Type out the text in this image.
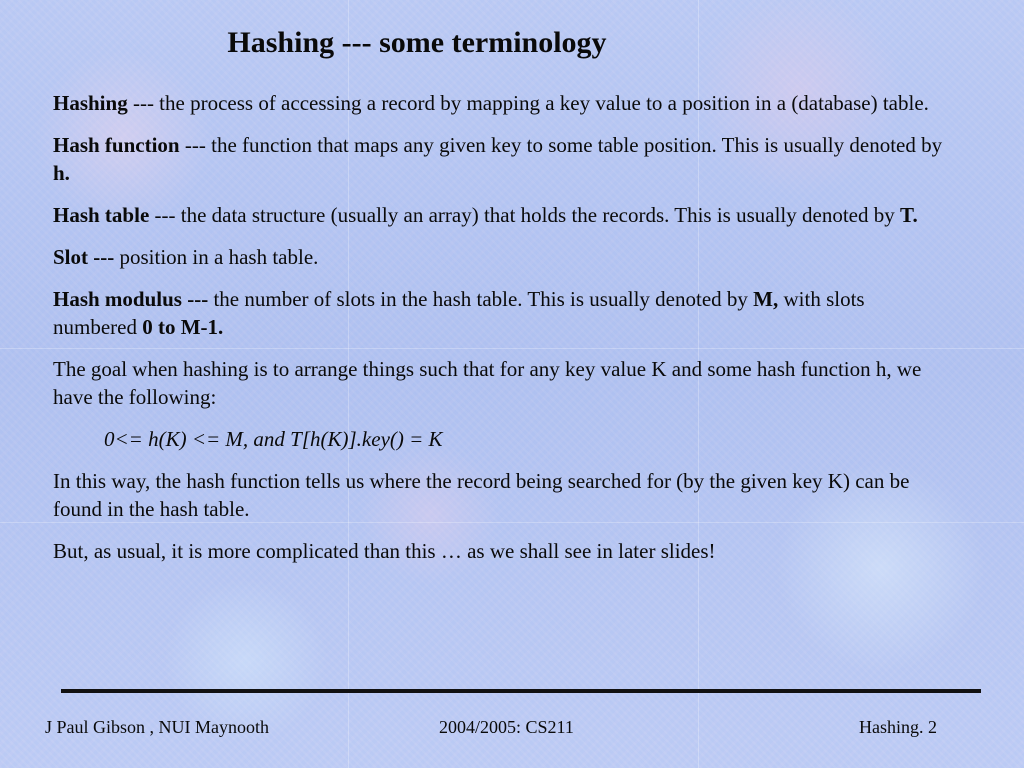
Hashing --- some terminology

Hashing --- the process of accessing a record by mapping a key value to a position in a (database) table.

Hash function --- the function that maps any given key to some table position. This is usually denoted by h.

Hash table --- the data structure (usually an array) that holds the records. This is usually denoted by T.

Slot --- position in a hash table.

Hash modulus --- the number of slots in the hash table. This is usually denoted by M, with slots numbered 0 to M-1.

The goal when hashing is to arrange things such that for any key value K and some hash function h, we have the following:

0<= h(K) <= M, and T[h(K)].key() = K

In this way, the hash function tells us where the record being searched for (by the given key K) can be found in the hash table.

But, as usual, it is more complicated than this … as we shall see in later slides!

J Paul Gibson , NUI Maynooth	2004/2005: CS211	Hashing. 2
